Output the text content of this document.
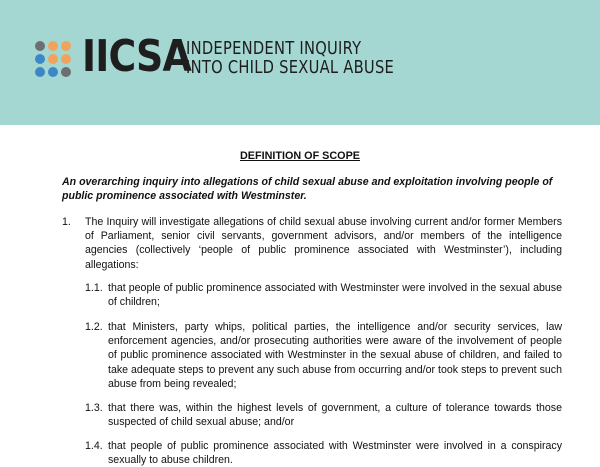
IICSA
INDEPENDENT INQUIRY
INTO CHILD SEXUAL ABUSE

DEFINITION OF SCOPE

An overarching inquiry into allegations of child sexual abuse and exploitation involving people of public prominence associated with Westminster.

1. The Inquiry will investigate allegations of child sexual abuse involving current and/or former Members of Parliament, senior civil servants, government advisors, and/or members of the intelligence agencies (collectively ‘people of public prominence associated with Westminster’), including allegations:

1.1. that people of public prominence associated with Westminster were involved in the sexual abuse of children;

1.2. that Ministers, party whips, political parties, the intelligence and/or security services, law enforcement agencies, and/or prosecuting authorities were aware of the involvement of people of public prominence associated with Westminster in the sexual abuse of children, and failed to take adequate steps to prevent any such abuse from occurring and/or took steps to prevent such abuse from being revealed;

1.3. that there was, within the highest levels of government, a culture of tolerance towards those suspected of child sexual abuse; and/or

1.4. that people of public prominence associated with Westminster were involved in a conspiracy sexually to abuse children.
